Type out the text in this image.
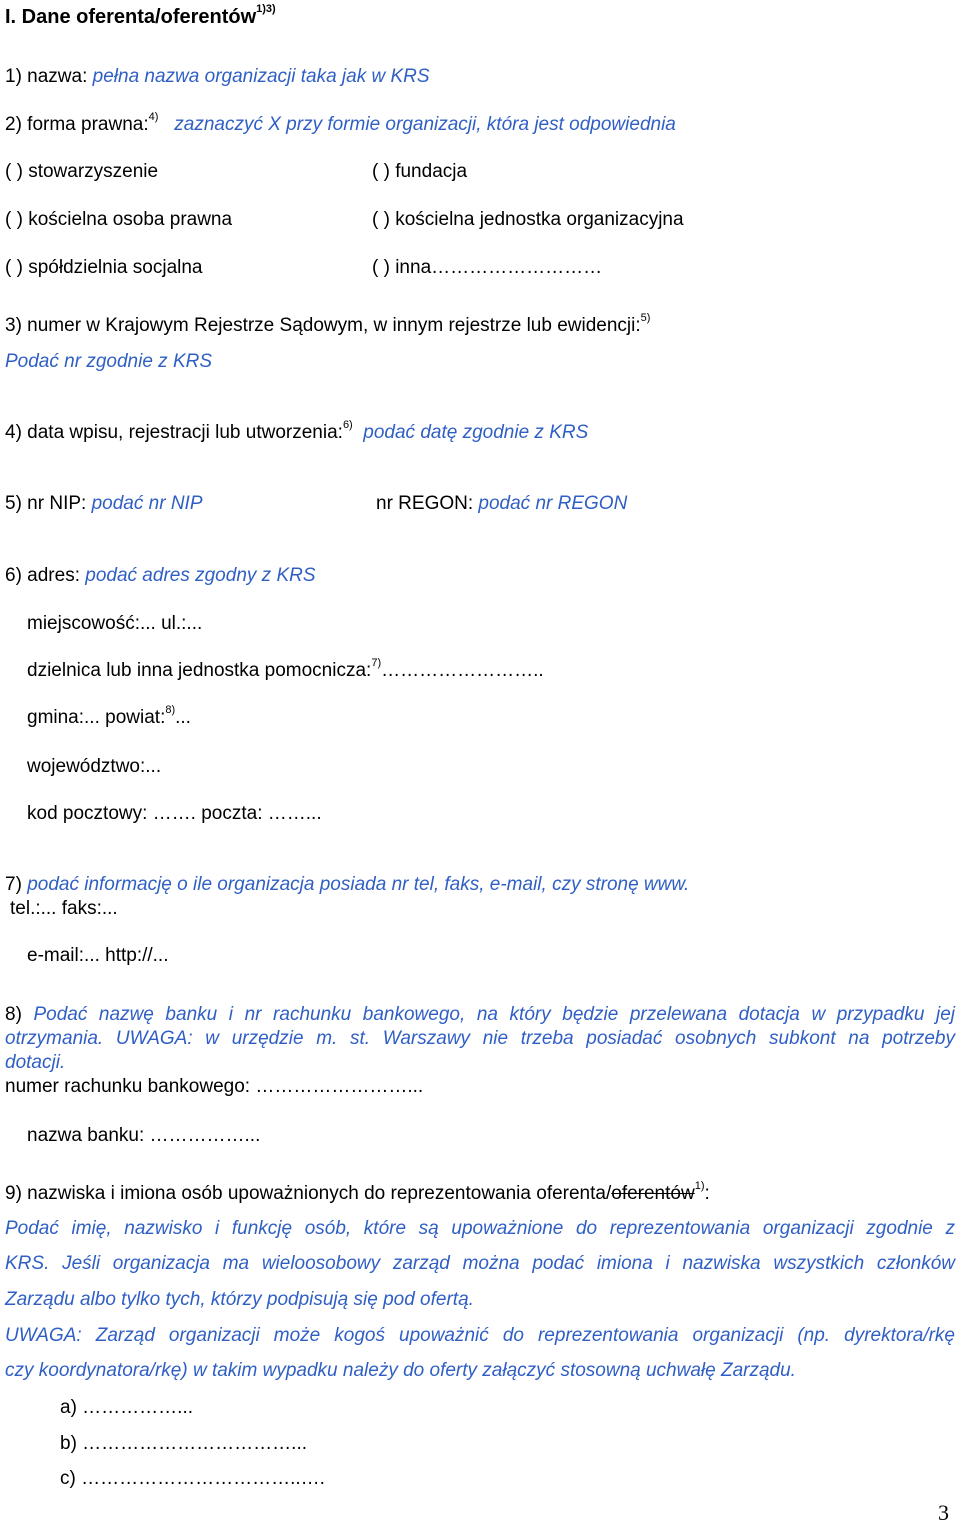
I. Dane oferenta/oferentów$^{1)3)}$
1) nazwa: pełna nazwa organizacji taka jak w KRS
2) forma prawna:$^{4)}$ zaznaczyć X przy formie organizacji, która jest odpowiednia
( ) stowarzyszenie	( ) fundacja
( ) kościelna osoba prawna	( ) kościelna jednostka organizacyjna
( ) spółdzielnia socjalna	( ) inna………………………
3) numer w Krajowym Rejestrze Sądowym, w innym rejestrze lub ewidencji:$^{5)}$
Podać nr zgodnie z KRS
4) data wpisu, rejestracji lub utworzenia:$^{6)}$ podać datę zgodnie z KRS
5) nr NIP: podać nr NIP	nr REGON: podać nr REGON
6) adres: podać adres zgodny z KRS
miejscowość:... ul.:...
dzielnica lub inna jednostka pomocnicza:$^{7)}$……………………..
gmina:... powiat:$^{8)}$...
województwo:...
kod pocztowy: ……. poczta: ……...
7) podać informację o ile organizacja posiada nr tel, faks, e-mail, czy stronę www.
tel.:... faks:...
e-mail:... http://...
8) Podać nazwę banku i nr rachunku bankowego, na który będzie przelewana dotacja w przypadku jej
otrzymania. UWAGA: w urzędzie m. st. Warszawy nie trzeba posiadać osobnych subkont na potrzeby
dotacji.
numer rachunku bankowego: ……………………...
nazwa banku: ……………...
9) nazwiska i imiona osób upoważnionych do reprezentowania oferenta/oferentów$^{1)}$:
Podać imię, nazwisko i funkcję osób, które są upoważnione do reprezentowania organizacji zgodnie z
KRS. Jeśli organizacja ma wieloosobowy zarząd można podać imiona i nazwiska wszystkich członków
Zarządu albo tylko tych, którzy podpisują się pod ofertą.
UWAGA: Zarząd organizacji może kogoś upoważnić do reprezentowania organizacji (np. dyrektora/rkę
czy koordynatora/rkę) w takim wypadku należy do oferty załączyć stosowną uchwałę Zarządu.
a) ……………...
b) ……………………………...
c) ……………………………..….
3
